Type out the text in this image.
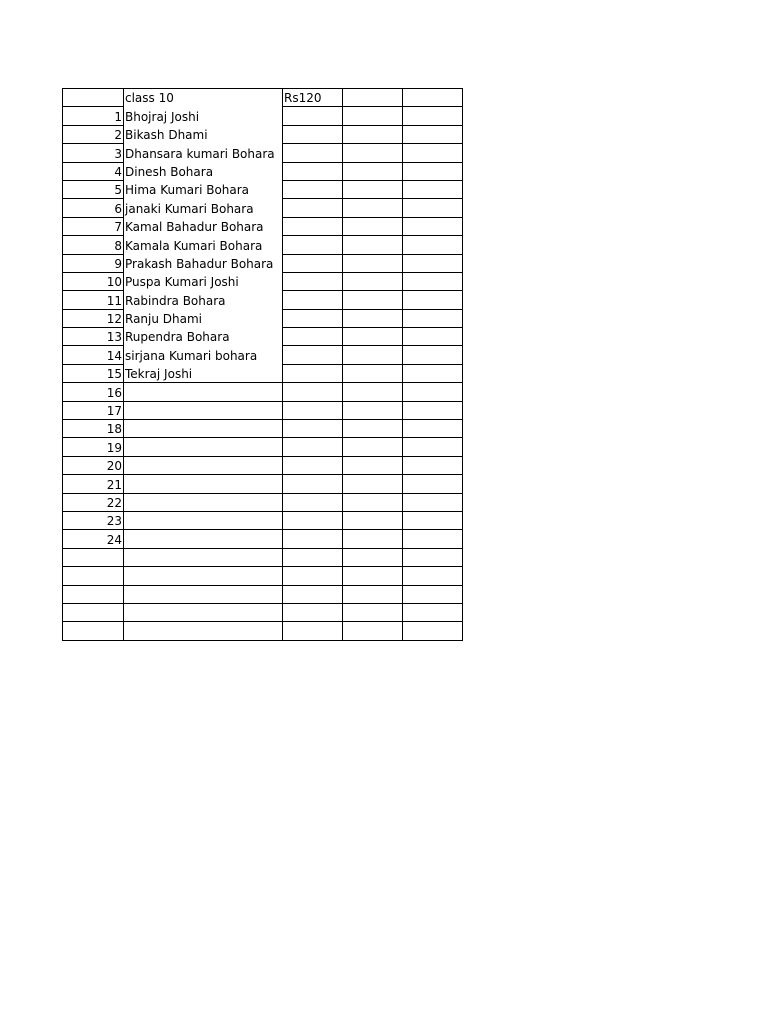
	class 10	Rs120		
1	Bhojraj Joshi			
2	Bikash Dhami			
3	Dhansara kumari Bohara			
4	Dinesh Bohara			
5	Hima Kumari Bohara			
6	janaki Kumari Bohara			
7	Kamal Bahadur Bohara			
8	Kamala Kumari Bohara			
9	Prakash Bahadur Bohara			
10	Puspa Kumari Joshi			
11	Rabindra Bohara			
12	Ranju Dhami			
13	Rupendra Bohara			
14	sirjana Kumari bohara			
15	Tekraj Joshi			
16				
17				
18				
19				
20				
21				
22				
23				
24				
